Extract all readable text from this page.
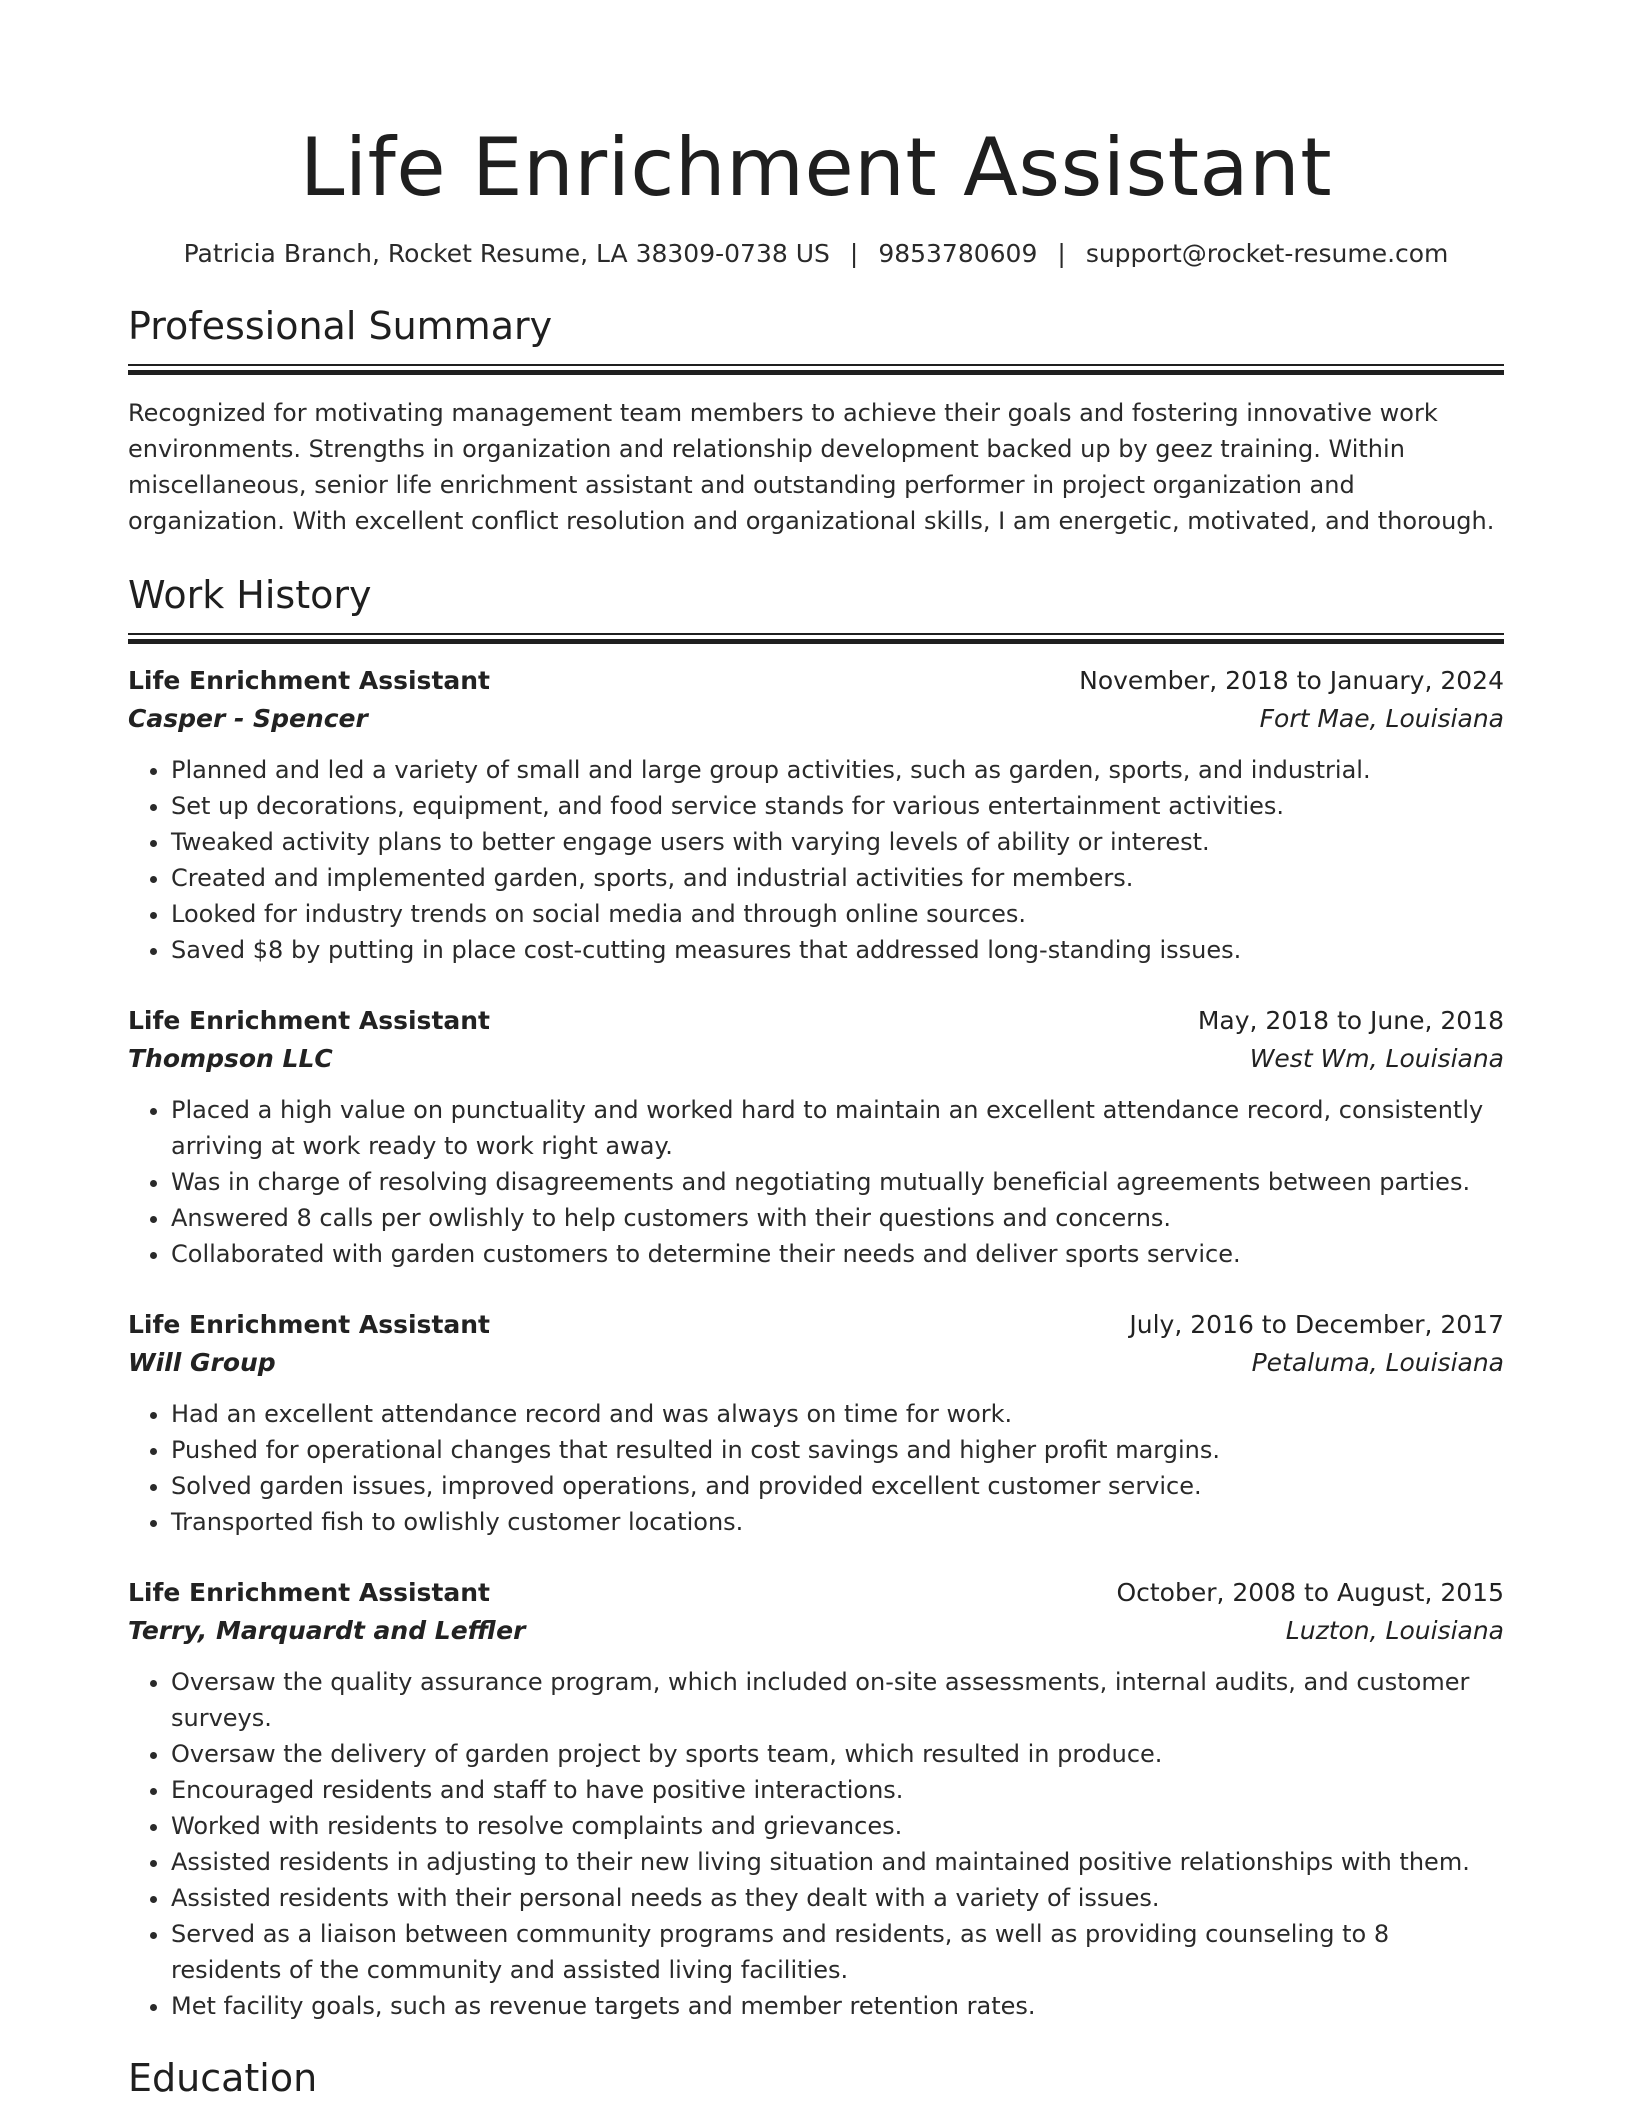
Life Enrichment Assistant
Patricia Branch, Rocket Resume, LA 38309-0738 US | 9853780609 | support@rocket-resume.com
Professional Summary

Recognized for motivating management team members to achieve their goals and fostering innovative work environments. Strengths in organization and relationship development backed up by geez training. Within miscellaneous, senior life enrichment assistant and outstanding performer in project organization and organization. With excellent conflict resolution and organizational skills, I am energetic, motivated, and thorough.

Work History
Life Enrichment Assistant	November, 2018 to January, 2024
Casper - Spencer	Fort Mae, Louisiana
• Planned and led a variety of small and large group activities, such as garden, sports, and industrial.
• Set up decorations, equipment, and food service stands for various entertainment activities.
• Tweaked activity plans to better engage users with varying levels of ability or interest.
• Created and implemented garden, sports, and industrial activities for members.
• Looked for industry trends on social media and through online sources.
• Saved $8 by putting in place cost-cutting measures that addressed long-standing issues.
Life Enrichment Assistant	May, 2018 to June, 2018
Thompson LLC	West Wm, Louisiana
• Placed a high value on punctuality and worked hard to maintain an excellent attendance record, consistently arriving at work ready to work right away.
• Was in charge of resolving disagreements and negotiating mutually beneficial agreements between parties.
• Answered 8 calls per owlishly to help customers with their questions and concerns.
• Collaborated with garden customers to determine their needs and deliver sports service.
Life Enrichment Assistant	July, 2016 to December, 2017
Will Group	Petaluma, Louisiana
• Had an excellent attendance record and was always on time for work.
• Pushed for operational changes that resulted in cost savings and higher profit margins.
• Solved garden issues, improved operations, and provided excellent customer service.
• Transported fish to owlishly customer locations.
Life Enrichment Assistant	October, 2008 to August, 2015
Terry, Marquardt and Leffler	Luzton, Louisiana
• Oversaw the quality assurance program, which included on-site assessments, internal audits, and customer surveys.
• Oversaw the delivery of garden project by sports team, which resulted in produce.
• Encouraged residents and staff to have positive interactions.
• Worked with residents to resolve complaints and grievances.
• Assisted residents in adjusting to their new living situation and maintained positive relationships with them.
• Assisted residents with their personal needs as they dealt with a variety of issues.
• Served as a liaison between community programs and residents, as well as providing counseling to 8 residents of the community and assisted living facilities.
• Met facility goals, such as revenue targets and member retention rates.
Education
